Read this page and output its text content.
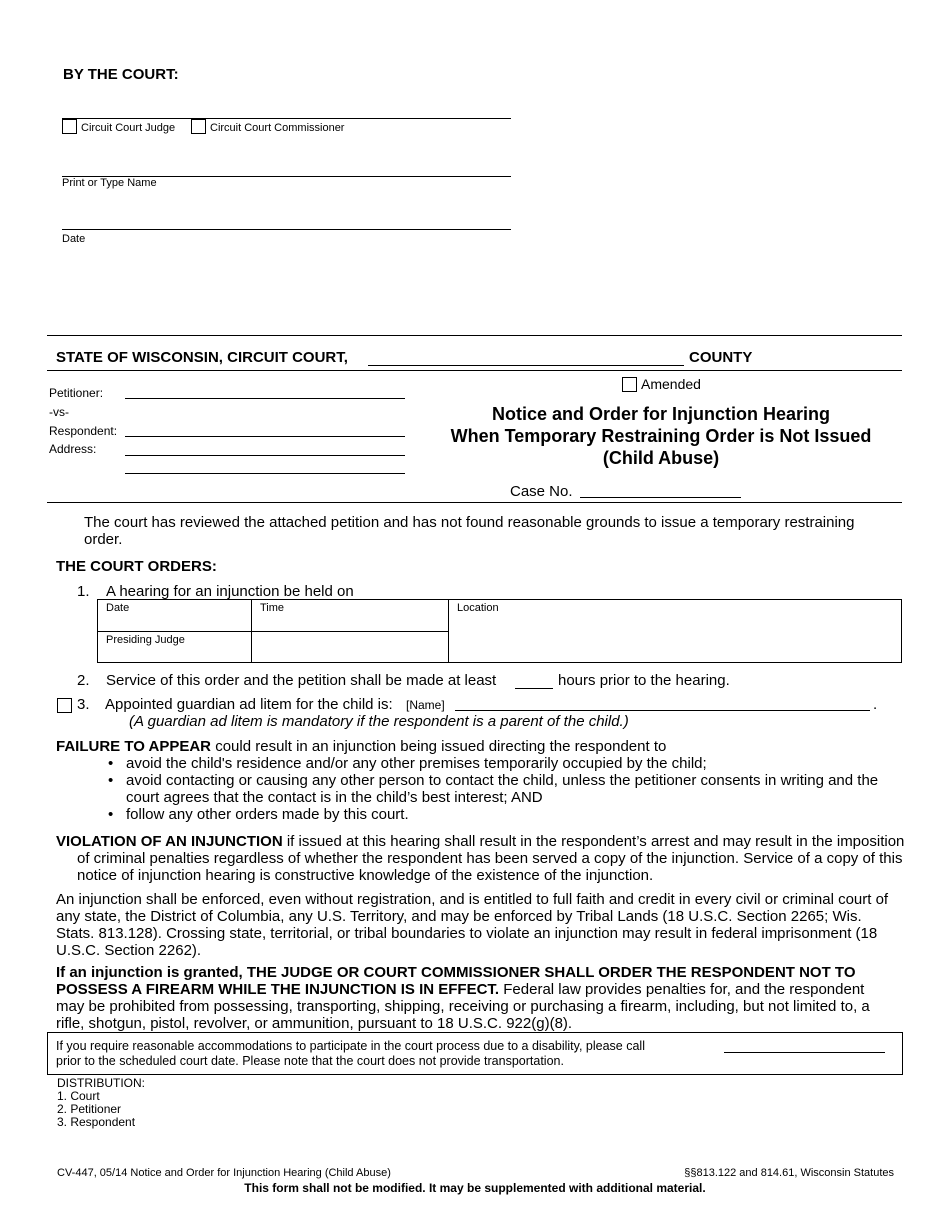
BY THE COURT:
Circuit Court Judge	Circuit Court Commissioner
Print or Type Name
Date
STATE OF WISCONSIN, CIRCUIT COURT,	COUNTY
Petitioner:
-vs-
Respondent:
Address:
Amended
Notice and Order for Injunction Hearing
When Temporary Restraining Order is Not Issued
(Child Abuse)
Case No.
The court has reviewed the attached petition and has not found reasonable grounds to issue a temporary restraining order.
THE COURT ORDERS:
1. A hearing for an injunction be held on
Date	Time	Location
Presiding Judge
2. Service of this order and the petition shall be made at least	hours prior to the hearing.
3. Appointed guardian ad litem for the child is: [Name]	.
(A guardian ad litem is mandatory if the respondent is a parent of the child.)
FAILURE TO APPEAR could result in an injunction being issued directing the respondent to
• avoid the child's residence and/or any other premises temporarily occupied by the child;
• avoid contacting or causing any other person to contact the child, unless the petitioner consents in writing and the court agrees that the contact is in the child’s best interest; AND
• follow any other orders made by this court.
VIOLATION OF AN INJUNCTION if issued at this hearing shall result in the respondent’s arrest and may result in the imposition of criminal penalties regardless of whether the respondent has been served a copy of the injunction. Service of a copy of this notice of injunction hearing is constructive knowledge of the existence of the injunction.
An injunction shall be enforced, even without registration, and is entitled to full faith and credit in every civil or criminal court of any state, the District of Columbia, any U.S. Territory, and may be enforced by Tribal Lands (18 U.S.C. Section 2265; Wis. Stats. 813.128). Crossing state, territorial, or tribal boundaries to violate an injunction may result in federal imprisonment (18 U.S.C. Section 2262).
If an injunction is granted, THE JUDGE OR COURT COMMISSIONER SHALL ORDER THE RESPONDENT NOT TO POSSESS A FIREARM WHILE THE INJUNCTION IS IN EFFECT. Federal law provides penalties for, and the respondent may be prohibited from possessing, transporting, shipping, receiving or purchasing a firearm, including, but not limited to, a rifle, shotgun, pistol, revolver, or ammunition, pursuant to 18 U.S.C. 922(g)(8).
If you require reasonable accommodations to participate in the court process due to a disability, please call
prior to the scheduled court date. Please note that the court does not provide transportation.
DISTRIBUTION:
1. Court
2. Petitioner
3. Respondent
CV-447, 05/14 Notice and Order for Injunction Hearing (Child Abuse)	§§813.122 and 814.61, Wisconsin Statutes
This form shall not be modified. It may be supplemented with additional material.
